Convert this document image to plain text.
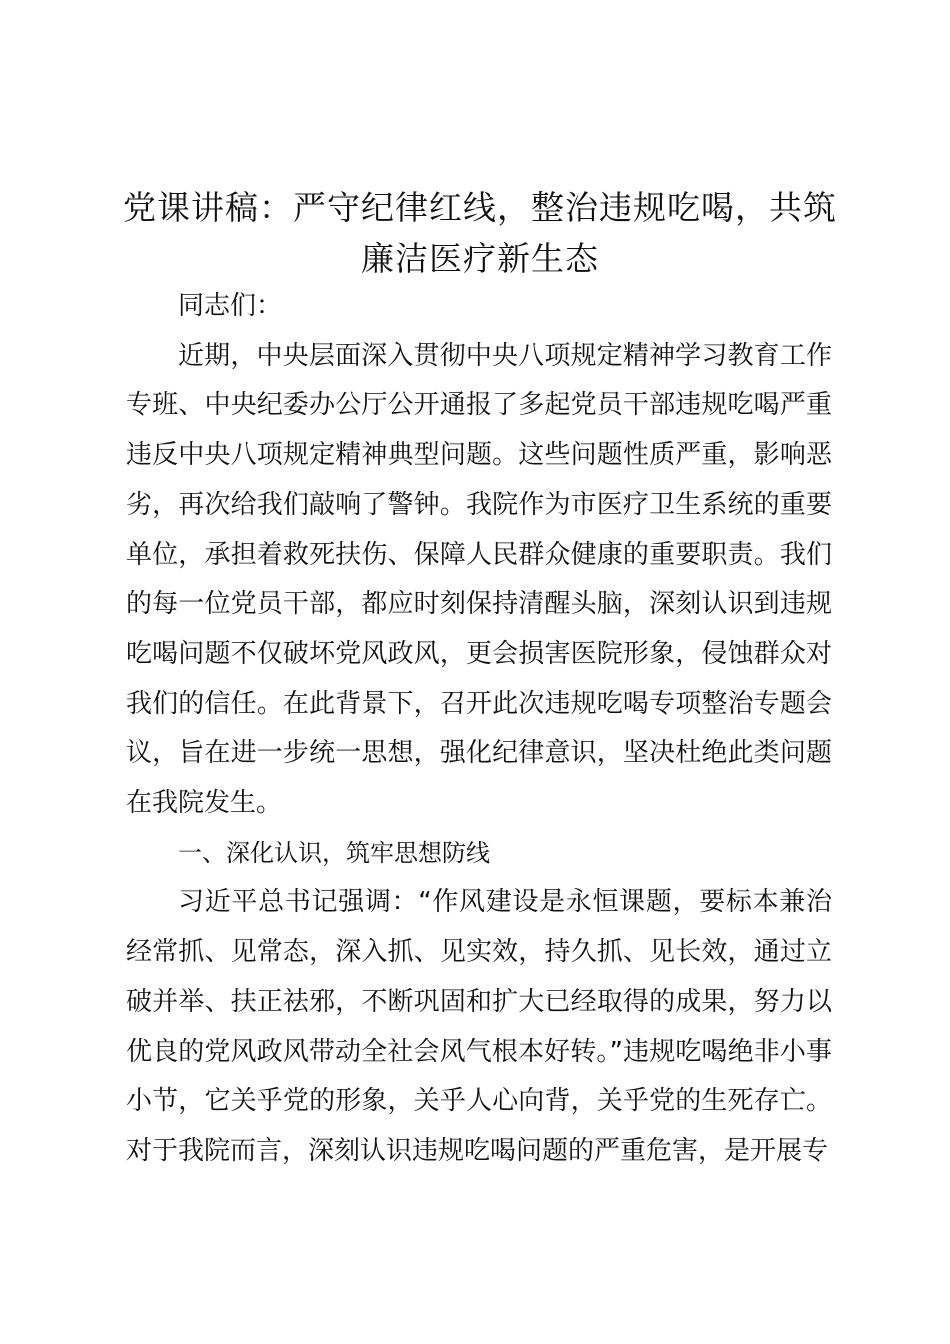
党课讲稿：严守纪律红线，整治违规吃喝，共筑廉洁医疗新生态

同志们：

近期，中央层面深入贯彻中央八项规定精神学习教育工作专班、中央纪委办公厅公开通报了多起党员干部违规吃喝严重违反中央八项规定精神典型问题。这些问题性质严重，影响恶劣，再次给我们敲响了警钟。我院作为市医疗卫生系统的重要单位，承担着救死扶伤、保障人民群众健康的重要职责。我们的每一位党员干部，都应时刻保持清醒头脑，深刻认识到违规吃喝问题不仅破坏党风政风，更会损害医院形象，侵蚀群众对我们的信任。在此背景下，召开此次违规吃喝专项整治专题会议，旨在进一步统一思想，强化纪律意识，坚决杜绝此类问题在我院发生。

一、深化认识，筑牢思想防线

习近平总书记强调：“作风建设是永恒课题，要标本兼治经常抓、见常态，深入抓、见实效，持久抓、见长效，通过立破并举、扶正祛邪，不断巩固和扩大已经取得的成果，努力以优良的党风政风带动全社会风气根本好转。”违规吃喝绝非小事小节，它关乎党的形象，关乎人心向背，关乎党的生死存亡。对于我院而言，深刻认识违规吃喝问题的严重危害，是开展专
